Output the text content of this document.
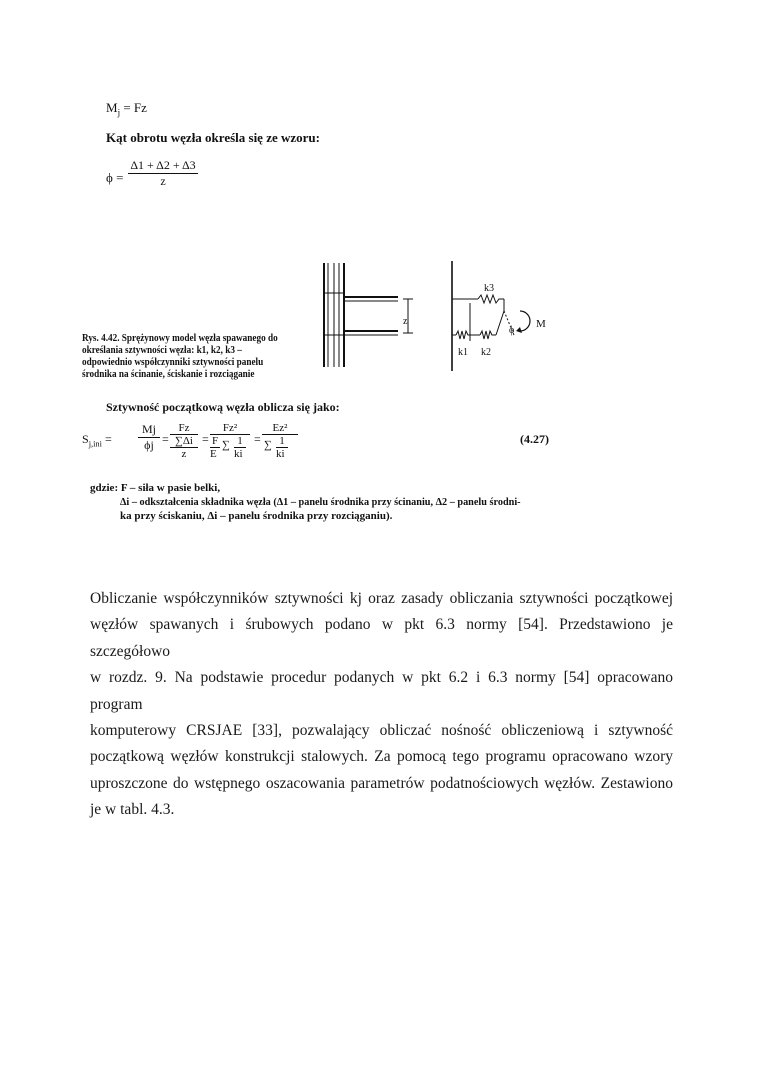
$M_j = Fz$
Kąt obrotu węzła określa się ze wzoru:
$\phi = \frac{\Delta 1 + \Delta 2 + \Delta 3}{z}$
z
k3
k1 k2
ϕ
M
Rys. 4.42. Sprężynowy model węzła spawanego do określania sztywności węzła: k1, k2, k3 – odpowiednio współczynniki sztywności panelu środnika na ścinanie, ściskanie i rozciąganie
Sztywność początkową węzła oblicza się jako:
$S_{j,ini} = \frac{Mj}{\phi j}$ =
Fz
∑Δi
z
= Fz²
F
E
∑ 1
ki = Ez²
∑ 1
ki	(4.27)
gdzie: F – siła w pasie belki,
Δi – odkształcenia składnika węzła (Δ1 – panelu środnika przy ścinaniu, Δ2 – panelu środni-
ka przy ściskaniu, Δi – panelu środnika przy rozciąganiu).
Obliczanie współczynników sztywności kj oraz zasady obliczania sztywności początkowej
węzłów spawanych i śrubowych podano w pkt 6.3 normy [54]. Przedstawiono je szczegółowo
w rozdz. 9. Na podstawie procedur podanych w pkt 6.2 i 6.3 normy [54] opracowano program
komputerowy CRSJAE [33], pozwalający obliczać nośność obliczeniową i sztywność
początkową węzłów konstrukcji stalowych. Za pomocą tego programu opracowano wzory
uproszczone do wstępnego oszacowania parametrów podatnościowych węzłów. Zestawiono
je w tabl. 4.3.
